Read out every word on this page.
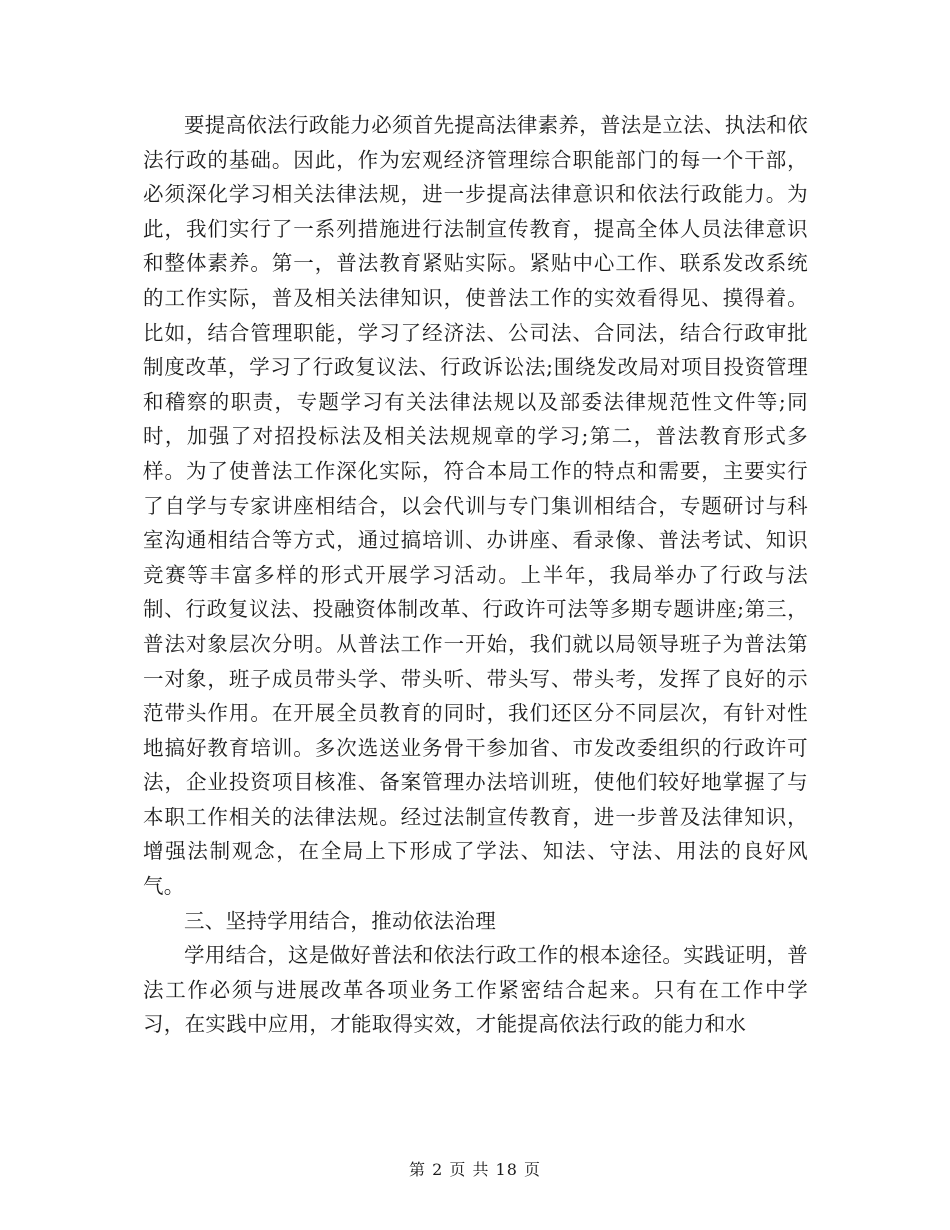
要提高依法行政能力必须首先提高法律素养，普法是立法、执法和依法行政的基础。因此，作为宏观经济管理综合职能部门的每一个干部，必须深化学习相关法律法规，进一步提高法律意识和依法行政能力。为此，我们实行了一系列措施进行法制宣传教育，提高全体人员法律意识和整体素养。第一，普法教育紧贴实际。紧贴中心工作、联系发改系统的工作实际，普及相关法律知识，使普法工作的实效看得见、摸得着。比如，结合管理职能，学习了经济法、公司法、合同法，结合行政审批制度改革，学习了行政复议法、行政诉讼法;围绕发改局对项目投资管理和稽察的职责，专题学习有关法律法规以及部委法律规范性文件等;同时，加强了对招投标法及相关法规规章的学习;第二，普法教育形式多样。为了使普法工作深化实际，符合本局工作的特点和需要，主要实行了自学与专家讲座相结合，以会代训与专门集训相结合，专题研讨与科室沟通相结合等方式，通过搞培训、办讲座、看录像、普法考试、知识竞赛等丰富多样的形式开展学习活动。上半年，我局举办了行政与法制、行政复议法、投融资体制改革、行政许可法等多期专题讲座;第三，普法对象层次分明。从普法工作一开始，我们就以局领导班子为普法第一对象，班子成员带头学、带头听、带头写、带头考，发挥了良好的示范带头作用。在开展全员教育的同时，我们还区分不同层次，有针对性地搞好教育培训。多次选送业务骨干参加省、市发改委组织的行政许可法，企业投资项目核准、备案管理办法培训班，使他们较好地掌握了与本职工作相关的法律法规。经过法制宣传教育，进一步普及法律知识，增强法制观念，在全局上下形成了学法、知法、守法、用法的良好风气。

三、坚持学用结合，推动依法治理

学用结合，这是做好普法和依法行政工作的根本途径。实践证明，普法工作必须与进展改革各项业务工作紧密结合起来。只有在工作中学习，在实践中应用，才能取得实效，才能提高依法行政的能力和水

第 2 页 共 18 页
